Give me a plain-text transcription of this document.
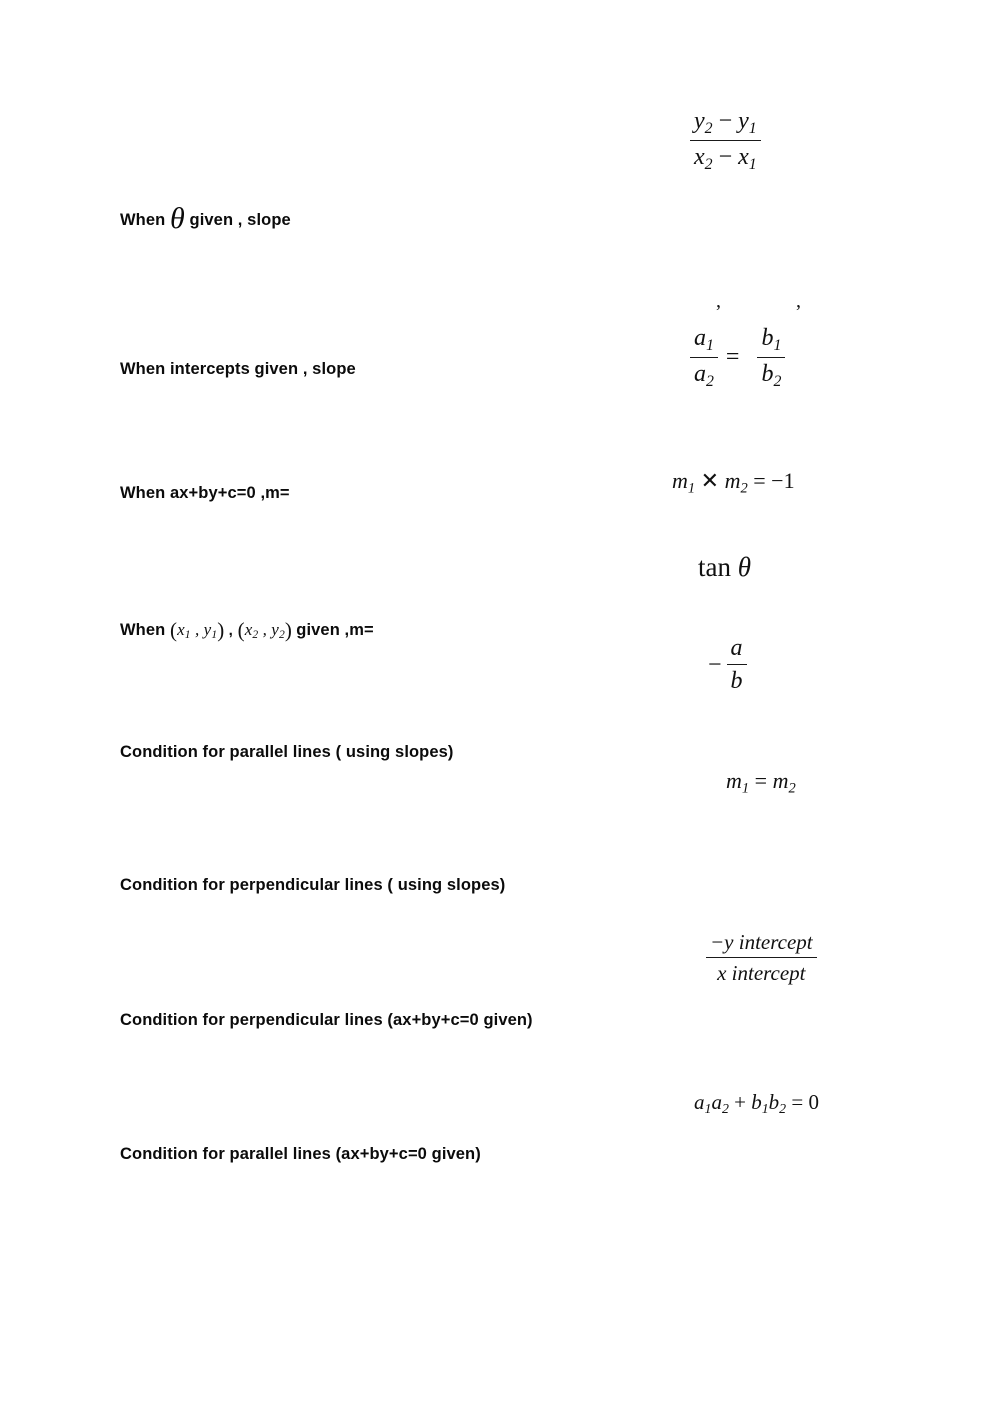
$\frac{y_2 - y_1}{x_2 - x_1}$
When θ given , slope
,	,
$\frac{a_1}{a_2} = \frac{b_1}{b_2}$
When intercepts given , slope
$m_1$ ✕ $m_2 = -1$
When ax+by+c=0 ,m=
tan θ
When ($x_1$ , $y_1$) , ($x_2$ , $y_2$) given ,m=
− $\frac{a}{b}$
Condition for parallel lines ( using slopes)
$m_1 = m_2$
Condition for perpendicular lines ( using slopes)
$\frac{\text{−y intercept}}{\text{x intercept}}$
Condition for perpendicular lines (ax+by+c=0 given)
$a_1a_2 + b_1b_2 = 0$
Condition for parallel lines (ax+by+c=0 given)
